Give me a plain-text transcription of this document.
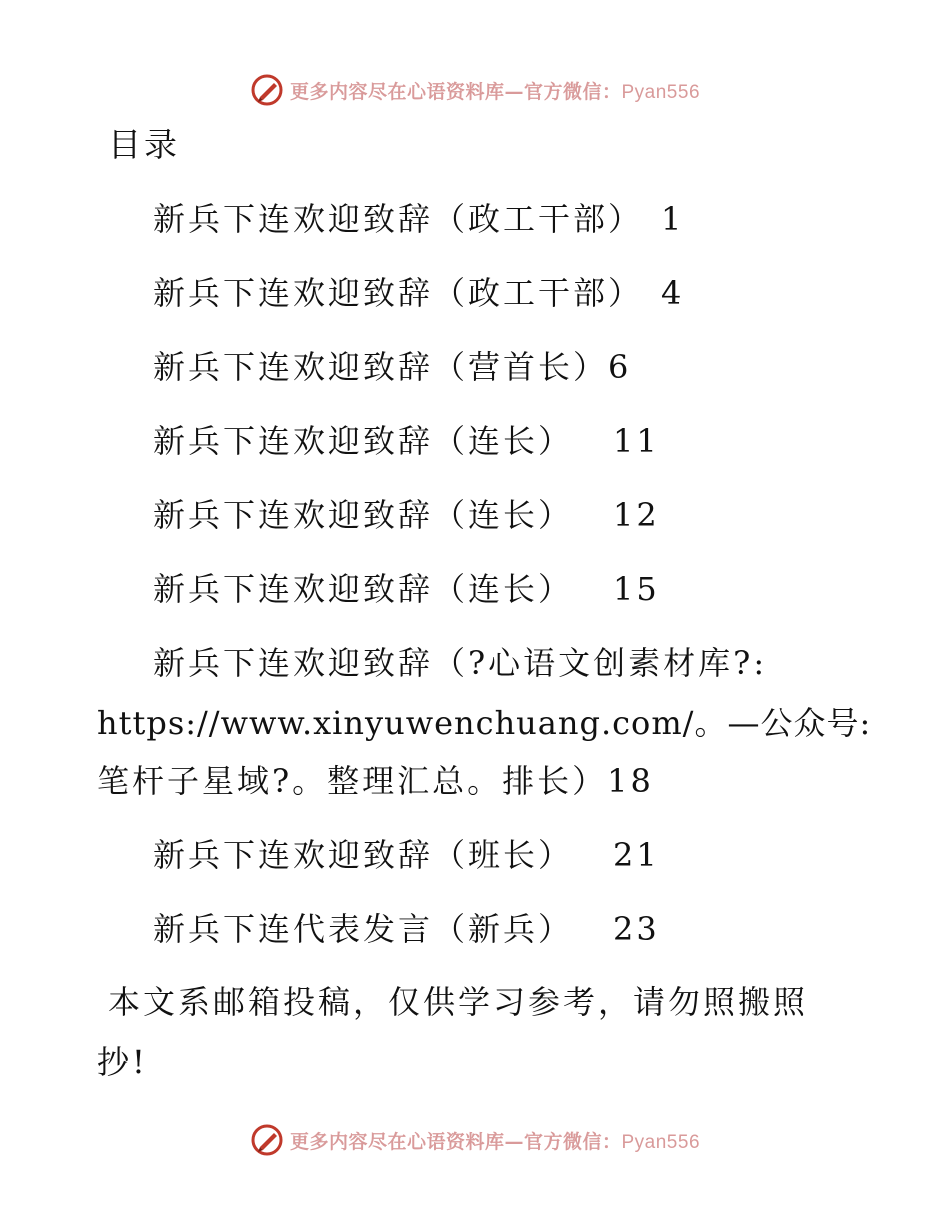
更多内容尽在心语资料库—官方微信：Pyan556
目录
新兵下连欢迎致辞（政工干部） 1
新兵下连欢迎致辞（政工干部） 4
新兵下连欢迎致辞（营首长）6
新兵下连欢迎致辞（连长） 11
新兵下连欢迎致辞（连长） 12
新兵下连欢迎致辞（连长） 15
新兵下连欢迎致辞（?心语文创素材库?:
https://www.xinyuwenchuang.com/。—公众号:
笔杆子星域?。整理汇总。排长）18
新兵下连欢迎致辞（班长） 21
新兵下连代表发言（新兵） 23
本文系邮箱投稿，仅供学习参考，请勿照搬照
抄!
更多内容尽在心语资料库—官方微信：Pyan556
